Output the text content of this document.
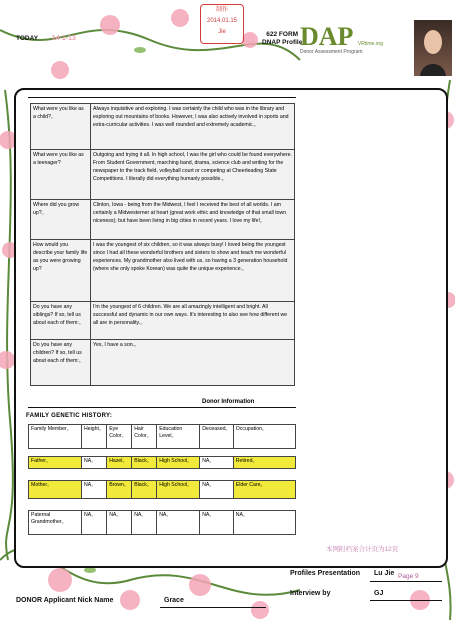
TODAY 14-1-13
制作
2014.01.15
Jie	622 FORM
DNAP Profile
DAP VRtime.org
Donor Assessment Program
What were you like as a child?。	Always inquisitive and exploring. I was certainly the child who was in the library and exploring out mountains of books. However, I was also actively involved in sports and extra-curricular activities. I was well rounded and extremely academic.。
What were you like as a teenager?	Outgoing and trying it all. In high school, I was the girl who could be found everywhere. From Student Government, marching band, drama, science club and writing for the newspaper to the track field, volleyball court or competing at Cheerleading State Competitions. I literally did everything humanly possible.。
Where did you grow up?。	Clinton, Iowa - being from the Midwest, I feel I received the best of all worlds. I am certainly a Midwesterner at heart (great work ethic and knowledge of that small town niceness); but have been living in big cities in recent years. I love my life!。
How would you describe your family life as you were growing up?	I was the youngest of six children, so it was always busy! I loved being the youngest since I had all these wonderful brothers and sisters to show and teach me wonderful experiences. My grandmother also lived with us, so having a 3 generation household (where she only spoke Korean) was quite the unique experience.。
Do you have any siblings? If so, tell us about each of them:。	I'm the youngest of 6 children. We are all amazingly intelligent and bright. All successful and dynamic in our own ways. It's interesting to also see how different we all are in personality.。
Do you have any children? If so, tell us about each of them:。	Yes, I have a son.。
Donor Information
FAMILY GENETIC HISTORY:
Family Member。	Height。	Eye Color。	Hair Color。	Education Level。	Deceased。	Occupation。

Father。	NA。	Hazel。	Black。	High School。	NA。	Retired。

Mother。	NA。	Brown。	Black。	High School。	NA。	Elder Care。

Paternal Grandmother。	NA。	NA。	NA。	NA。	NA。	NA。
本网附档案合计页为12页
Profiles Presentation Lu Jie Page 9
Interview by	GJ
DONOR Applicant Nick Name	Grace
